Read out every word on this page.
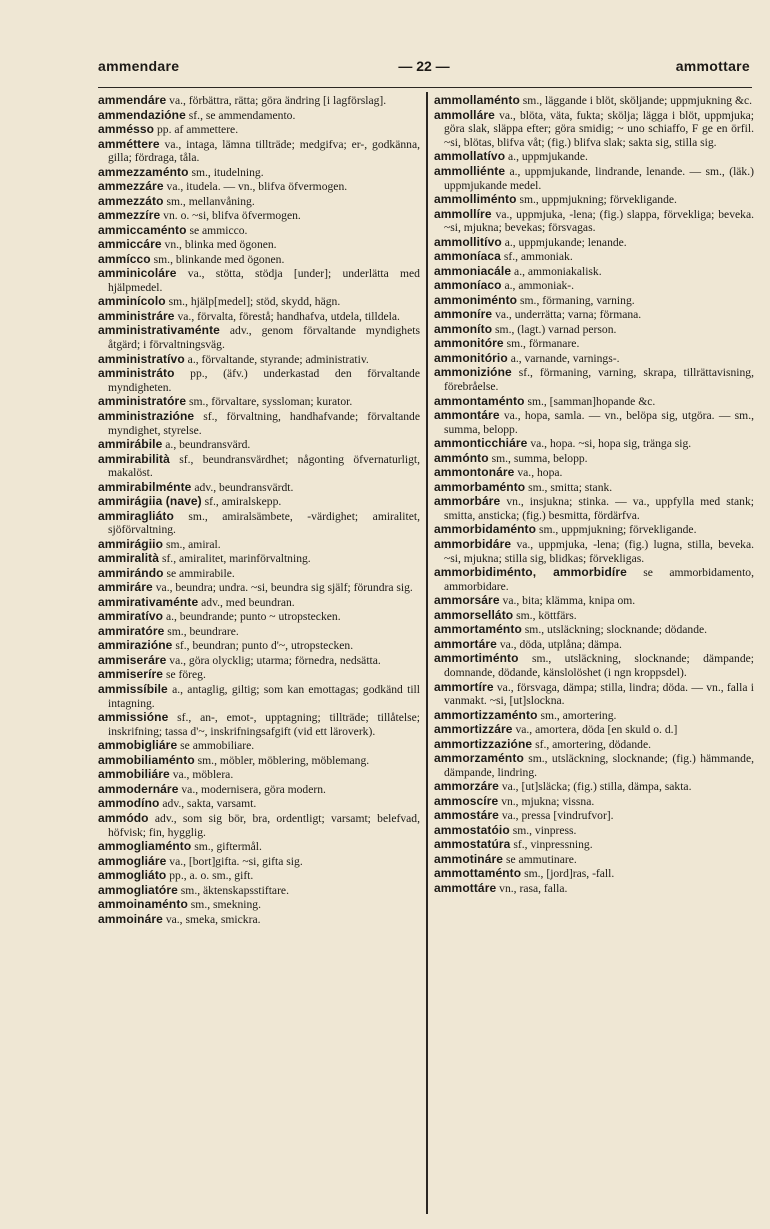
ammendare	— 22 —	ammottare

ammendáre va., förbättra, rätta; göra ändring [i lagförslag].

ammendazióne sf., se ammendamento.

ammésso pp. af ammettere.

amméttere va., intaga, lämna tillträde; medgifva; er-, godkänna, gilla; fördraga, tåla.

ammezzaménto sm., itudelning.

ammezzáre va., itudela. — vn., blifva öfvermogen.

ammezzáto sm., mellanvåning.

ammezzíre vn. o. ~si, blifva öfvermogen.

ammiccaménto se ammicco.

ammiccáre vn., blinka med ögonen.

ammícco sm., blinkande med ögonen.

amminicoláre va., stötta, stödja [under]; underlätta med hjälpmedel.

amminícolo sm., hjälp[medel]; stöd, skydd, hägn.

amministráre va., förvalta, förestå; handhafva, utdela, tilldela.

amministrativaménte adv., genom förvaltande myndighets åtgärd; i förvaltningsväg.

amministratívo a., förvaltande, styrande; administrativ.

amministráto pp., (äfv.) underkastad den förvaltande myndigheten.

amministratóre sm., förvaltare, syssloman; kurator.

amministrazióne sf., förvaltning, handhafvande; förvaltande myndighet, styrelse.

ammirábile a., beundransvärd.

ammirabilità sf., beundransvärdhet; någonting öfvernaturligt, makalöst.

ammirabilménte adv., beundransvärdt.

ammirágiia (nave) sf., amiralskepp.

ammiragliáto sm., amiralsämbete, -värdighet; amiralitet, sjöförvaltning.

ammirágiio sm., amiral.

ammiralità sf., amiralitet, marinförvaltning.

ammirándo se ammirabile.

ammiráre va., beundra; undra. ~si, beundra sig själf; förundra sig.

ammirativaménte adv., med beundran.

ammiratívo a., beundrande; punto ~ utropstecken.

ammiratóre sm., beundrare.

ammirazióne sf., beundran; punto d'~, utropstecken.

ammiseráre va., göra olycklig; utarma; förnedra, nedsätta.

ammiseríre se föreg.

ammissíbile a., antaglig, giltig; som kan emottagas; godkänd till intagning.

ammissióne sf., an-, emot-, upptagning; tillträde; tillåtelse; inskrifning; tassa d'~, inskrifningsafgift (vid ett läroverk).

ammobigliáre se ammobiliare.

ammobiliaménto sm., möbler, möblering, möblemang.

ammobiliáre va., möblera.

ammodernáre va., modernisera, göra modern.

ammodíno adv., sakta, varsamt.

ammódo adv., som sig bör, bra, ordentligt; varsamt; belefvad, höfvisk; fin, hygglig.

ammogliaménto sm., giftermål.

ammogliáre va., [bort]gifta. ~si, gifta sig.

ammogliáto pp., a. o. sm., gift.

ammogliatóre sm., äktenskapsstiftare.

ammoinaménto sm., smekning.

ammoináre va., smeka, smickra.

ammollaménto sm., läggande i blöt, sköljande; uppmjukning &c.

ammolláre va., blöta, väta, fukta; skölja; lägga i blöt, uppmjuka; göra slak, släppa efter; göra smidig; ~ uno schiaffo, F ge en örfil. ~si, blötas, blifva våt; (fig.) blifva slak; sakta sig, stilla sig.

ammollatívo a., uppmjukande.

ammolliénte a., uppmjukande, lindrande, lenande. — sm., (läk.) uppmjukande medel.

ammolliménto sm., uppmjukning; förvekligande.

ammollíre va., uppmjuka, -lena; (fig.) slappa, förvekliga; beveka. ~si, mjukna; bevekas; försvagas.

ammollitívo a., uppmjukande; lenande.

ammoníaca sf., ammoniak.

ammoniacále a., ammoniakalisk.

ammoníaco a., ammoniak-.

ammoniménto sm., förmaning, varning.

ammoníre va., underrätta; varna; förmana.

ammoníto sm., (lagt.) varnad person.

ammonitóre sm., förmanare.

ammonitório a., varnande, varnings-.

ammonizióne sf., förmaning, varning, skrapa, tillrättavisning, förebråelse.

ammontaménto sm., [samman]hopande &c.

ammontáre va., hopa, samla. — vn., belöpa sig, utgöra. — sm., summa, belopp.

ammonticchiáre va., hopa. ~si, hopa sig, tränga sig.

ammónto sm., summa, belopp.

ammontonáre va., hopa.

ammorbaménto sm., smitta; stank.

ammorbáre vn., insjukna; stinka. — va., uppfylla med stank; smitta, ansticka; (fig.) besmitta, fördärfva.

ammorbidaménto sm., uppmjukning; förvekligande.

ammorbidáre va., uppmjuka, -lena; (fig.) lugna, stilla, beveka. ~si, mjukna; stilla sig, blidkas; förvekligas.

ammorbidiménto, ammorbidíre se ammorbidamento, ammorbidare.

ammorsáre va., bita; klämma, knipa om.

ammorselláto sm., köttfärs.

ammortaménto sm., utsläckning; slocknande; dödande.

ammortáre va., döda, utplåna; dämpa.

ammortiménto sm., utsläckning, slocknande; dämpande; domnande, dödande, känslolöshet (i ngn kroppsdel).

ammortíre va., försvaga, dämpa; stilla, lindra; döda. — vn., falla i vanmakt. ~si, [ut]slockna.

ammortizzaménto sm., amortering.

ammortizzáre va., amortera, döda [en skuld o. d.]

ammortizzazióne sf., amortering, dödande.

ammorzaménto sm., utsläckning, slocknande; (fig.) hämmande, dämpande, lindring.

ammorzáre va., [ut]släcka; (fig.) stilla, dämpa, sakta.

ammoscíre vn., mjukna; vissna.

ammostáre va., pressa [vindrufvor].

ammostatóio sm., vinpress.

ammostatúra sf., vinpressning.

ammotináre se ammutinare.

ammottaménto sm., [jord]ras, -fall.

ammottáre vn., rasa, falla.
